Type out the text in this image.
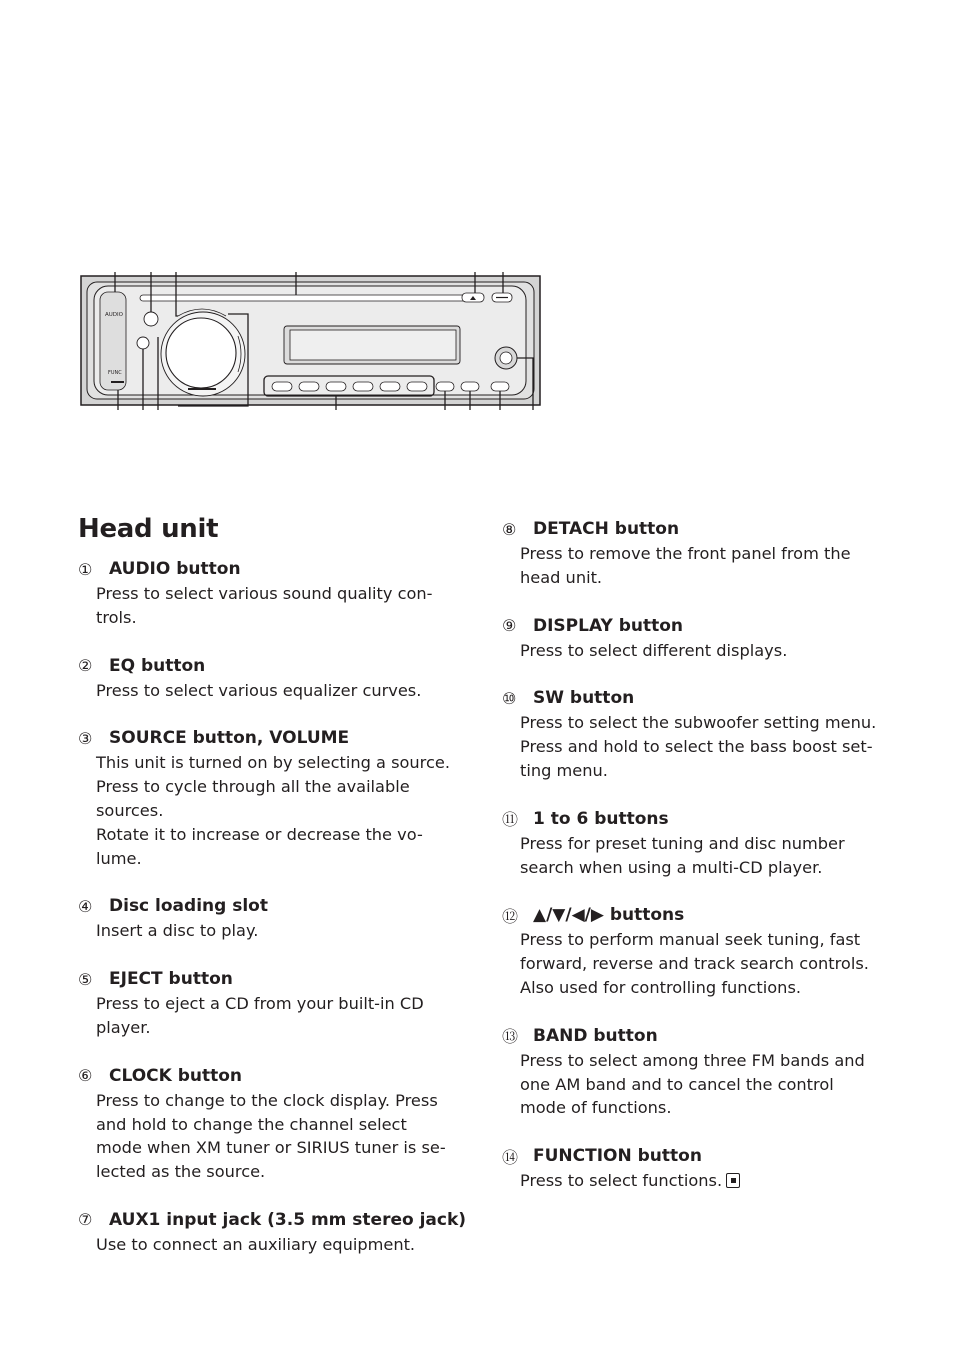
AUDIO
FUNC
Head unit
① AUDIO button
Press to select various sound quality con-
trols.
② EQ button
Press to select various equalizer curves.
③ SOURCE button, VOLUME
This unit is turned on by selecting a source.
Press to cycle through all the available
sources.
Rotate it to increase or decrease the vo-
lume.
④ Disc loading slot
Insert a disc to play.
⑤ EJECT button
Press to eject a CD from your built-in CD
player.
⑥ CLOCK button
Press to change to the clock display. Press
and hold to change the channel select
mode when XM tuner or SIRIUS tuner is se-
lected as the source.
⑦ AUX1 input jack (3.5 mm stereo jack)
Use to connect an auxiliary equipment.
⑧ DETACH button
Press to remove the front panel from the
head unit.
⑨ DISPLAY button
Press to select different displays.
⑩ SW button
Press to select the subwoofer setting menu.
Press and hold to select the bass boost set-
ting menu.
⑪ 1 to 6 buttons
Press for preset tuning and disc number
search when using a multi-CD player.
⑫ ▲/▼/◀/▶ buttons
Press to perform manual seek tuning, fast
forward, reverse and track search controls.
Also used for controlling functions.
⑬ BAND button
Press to select among three FM bands and
one AM band and to cancel the control
mode of functions.
⑭ FUNCTION button
Press to select functions.
